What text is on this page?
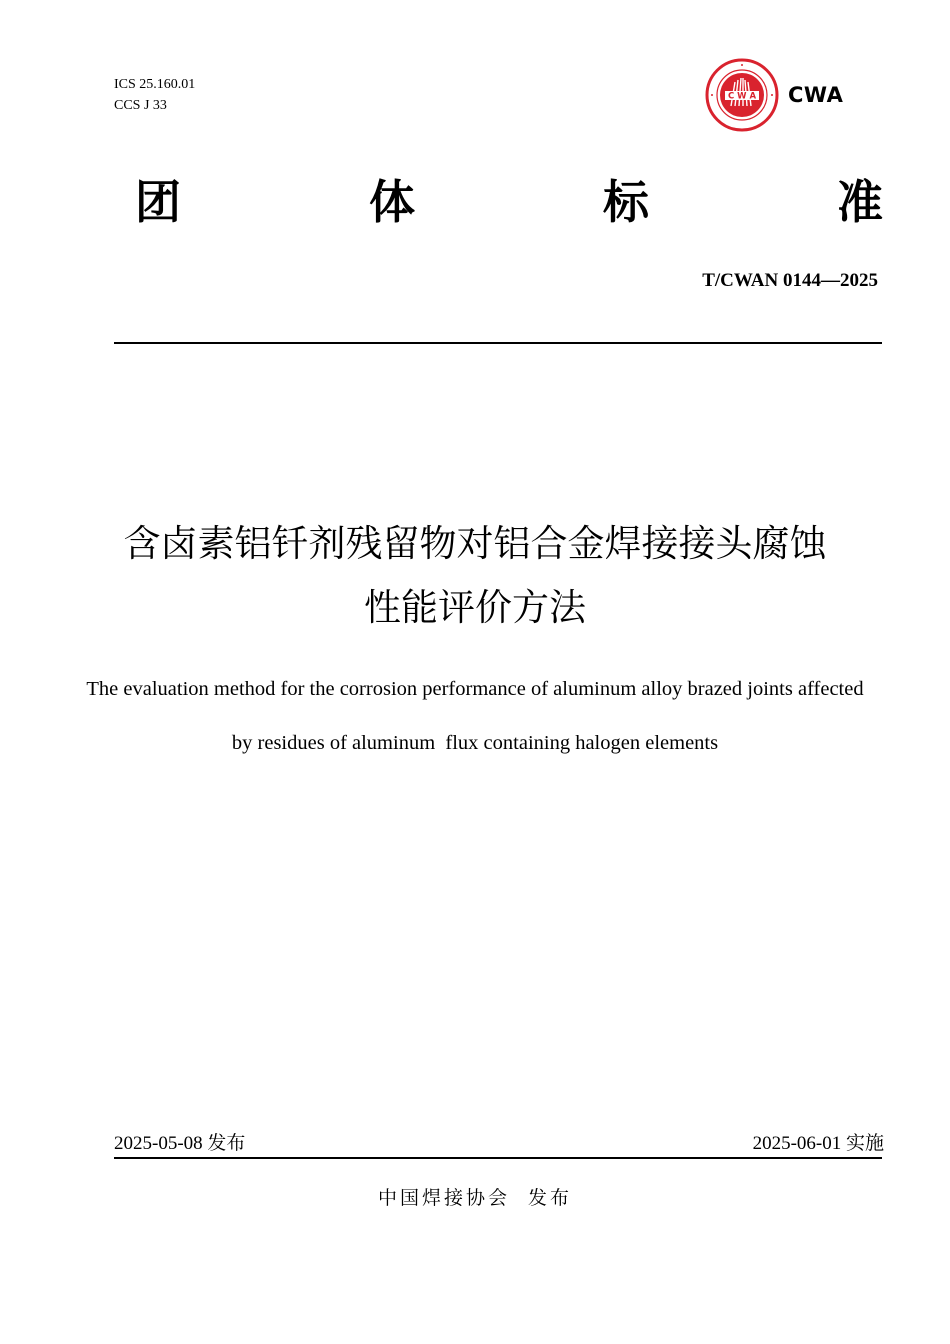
ICS 25.160.01
CCS J 33
C W A CWA
团	体	标	准
T/CWAN 0144—2025
含卤素铝钎剂残留物对铝合金焊接接头腐蚀
性能评价方法
The evaluation method for the corrosion performance of aluminum alloy brazed joints affected
by residues of aluminum  flux containing halogen elements
2025-05-08 发布	2025-06-01 实施
中国焊接协会  发布
